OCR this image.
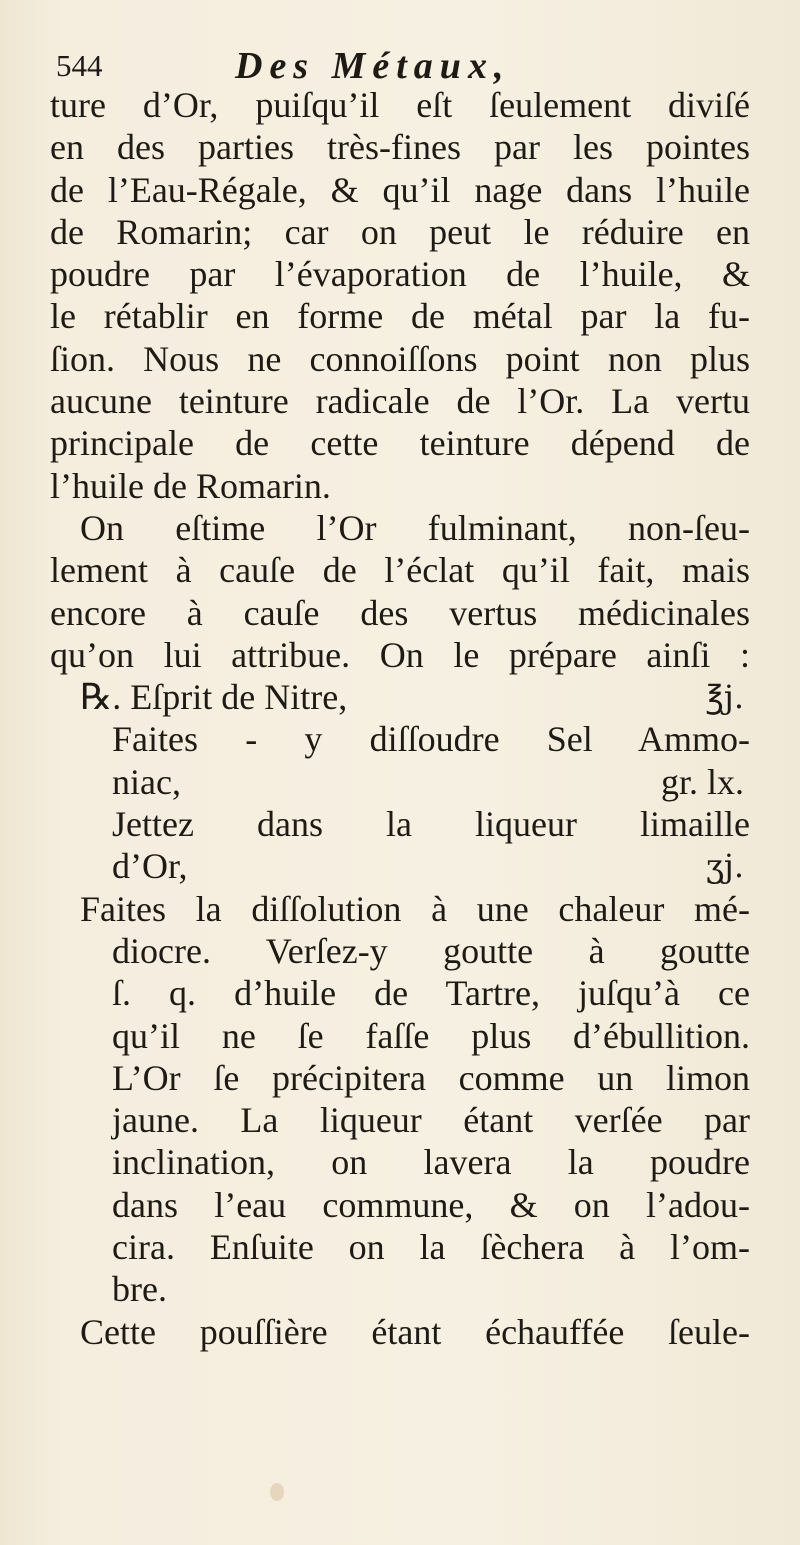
544	Des Métaux,
ture d’Or, puiſqu’il eſt ſeulement diviſé
en des parties très-fines par les pointes
de l’Eau-Régale, & qu’il nage dans l’huile
de Romarin; car on peut le réduire en
poudre par l’évaporation de l’huile, &
le rétablir en forme de métal par la fu-
ſion. Nous ne connoiſſons point non plus
aucune teinture radicale de l’Or. La vertu
principale de cette teinture dépend de
l’huile de Romarin.
On eſtime l’Or fulminant, non-ſeu-
lement à cauſe de l’éclat qu’il fait, mais
encore à cauſe des vertus médicinales
qu’on lui attribue. On le prépare ainſi :
℞. Eſprit de Nitre,	℥j.
Faites - y diſſoudre Sel Ammo-
niac,	gr. lx.
Jettez dans la liqueur limaille
d’Or,	ʒj.
Faites la diſſolution à une chaleur mé-
diocre. Verſez-y goutte à goutte
ſ. q. d’huile de Tartre, juſqu’à ce
qu’il ne ſe faſſe plus d’ébullition.
L’Or ſe précipitera comme un limon
jaune. La liqueur étant verſée par
inclination, on lavera la poudre
dans l’eau commune, & on l’adou-
cira. Enſuite on la ſèchera à l’om-
bre.
Cette pouſſière étant échauffée ſeule-
